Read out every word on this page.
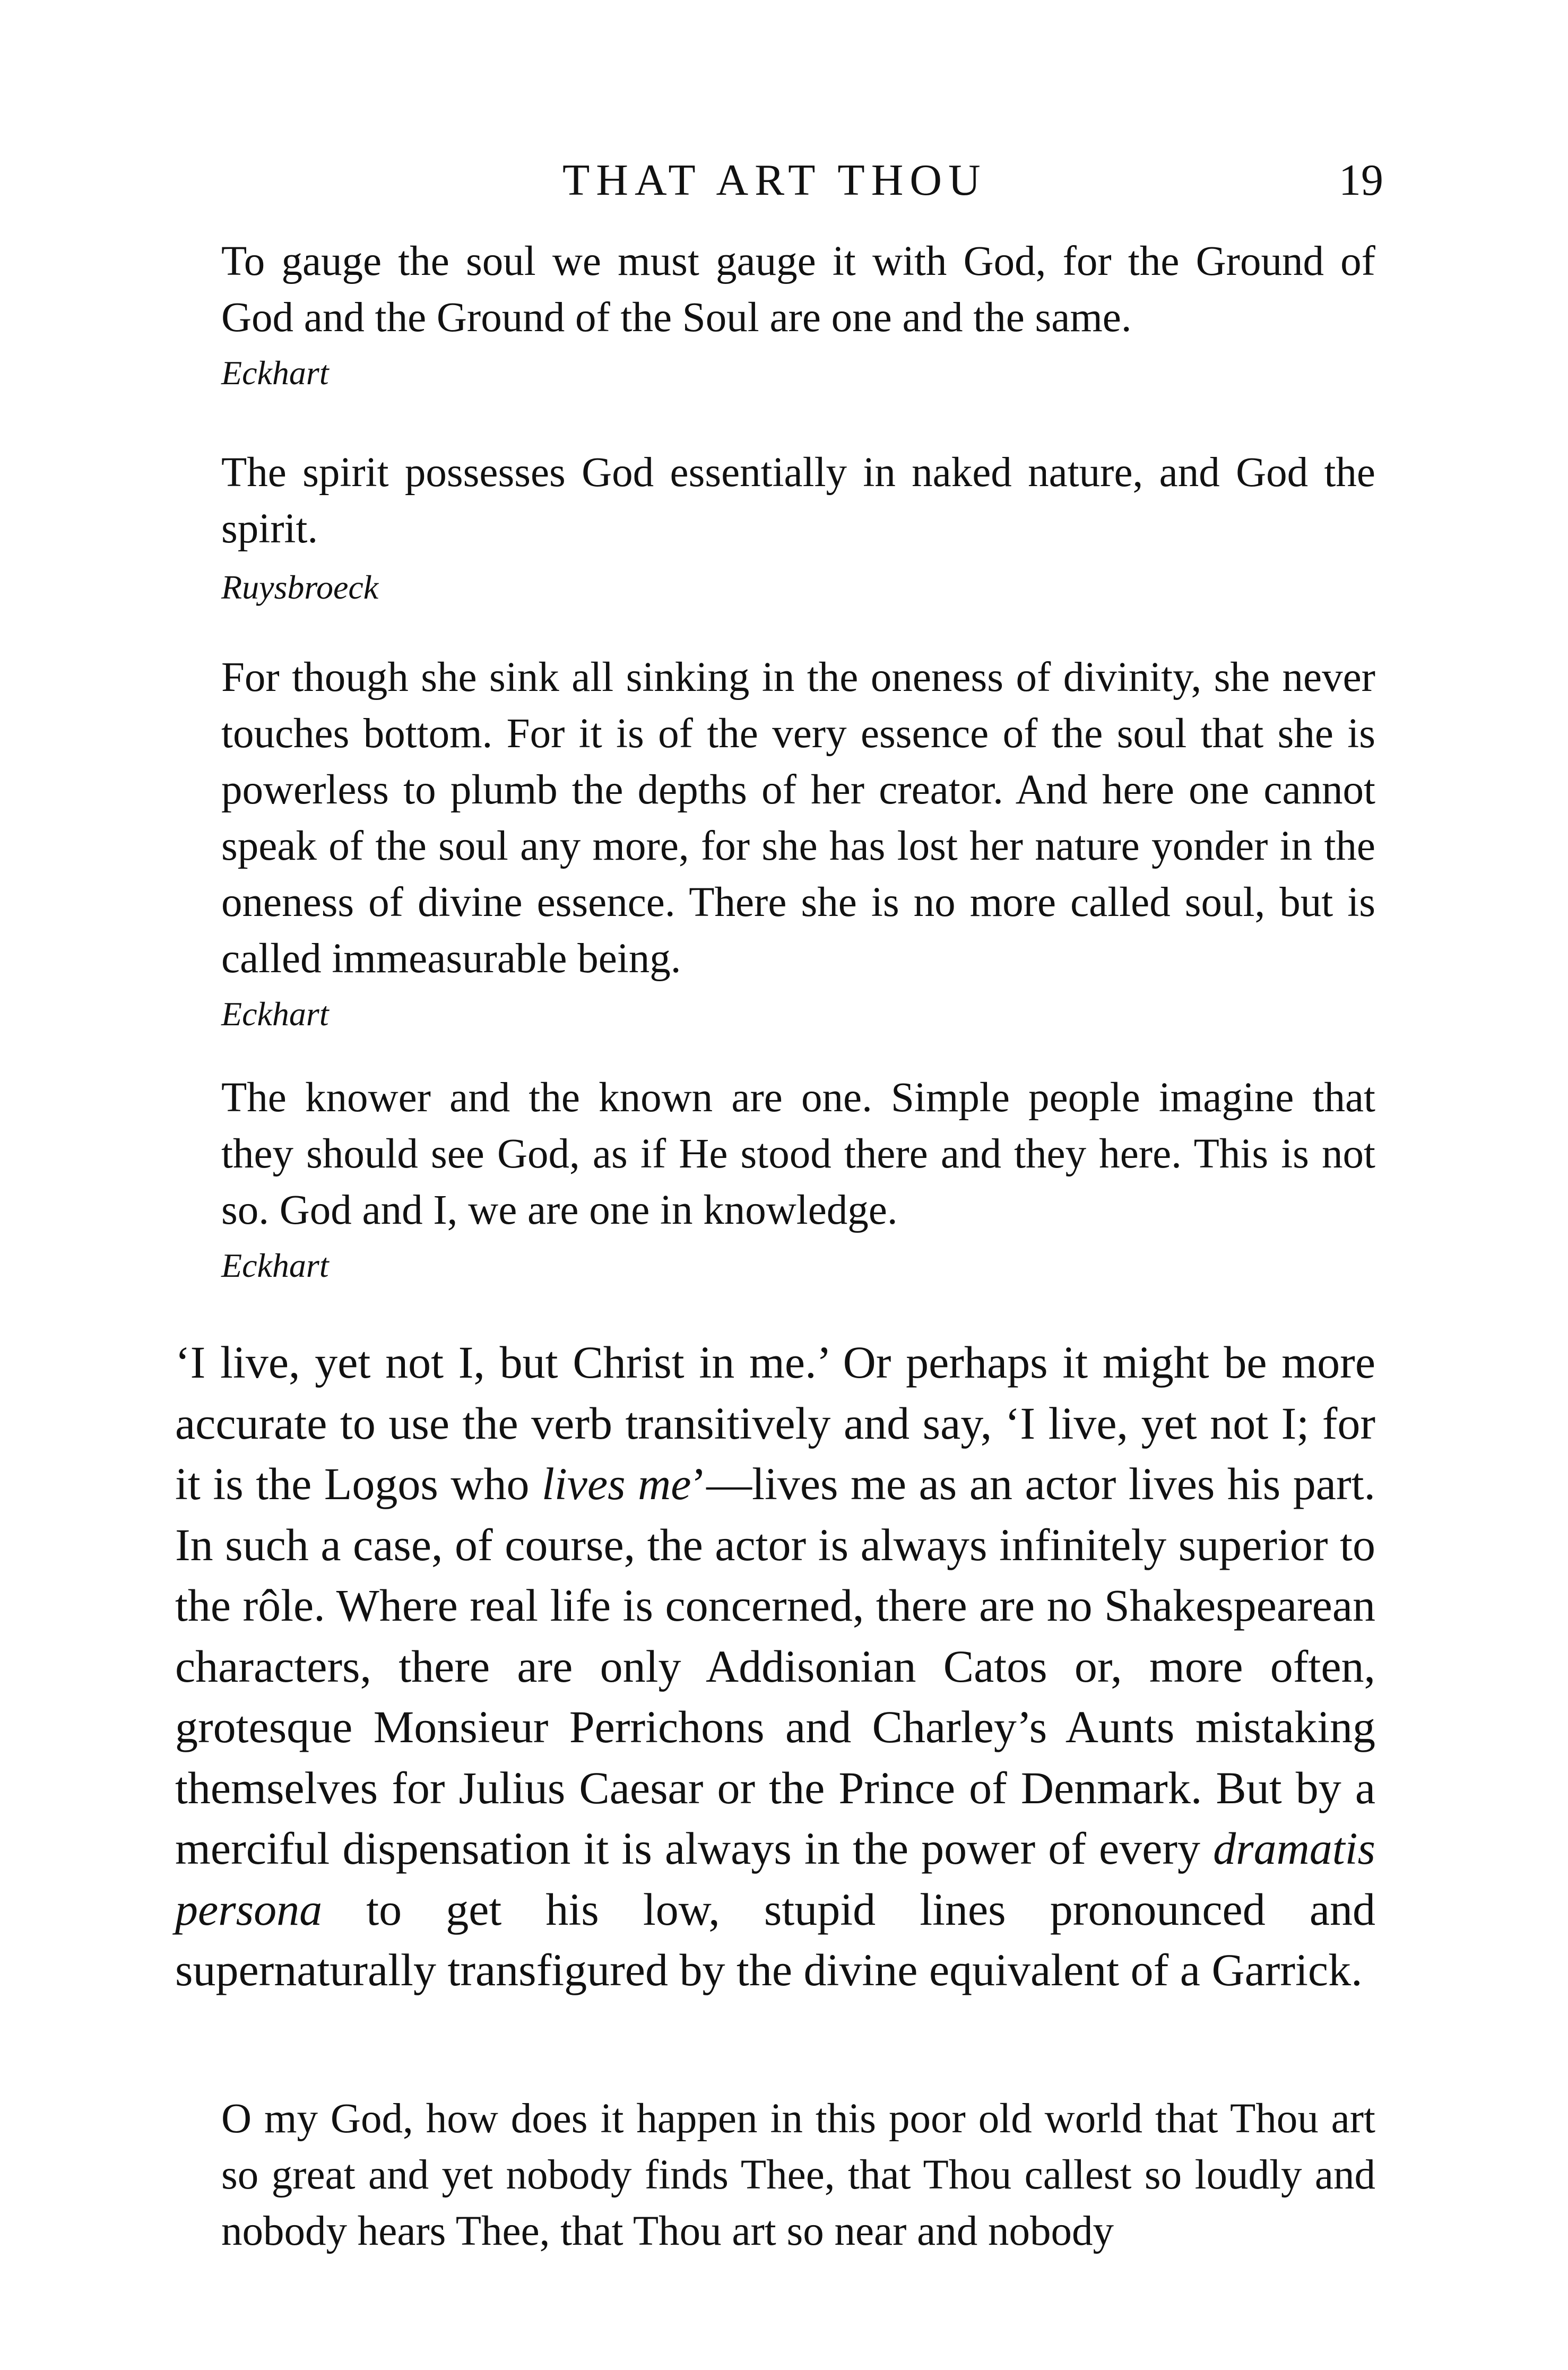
THAT ART THOU	19

To gauge the soul we must gauge it with God, for the Ground of God and the Ground of the Soul are one and the same.

Eckhart

The spirit possesses God essentially in naked nature, and God the spirit.

Ruysbroeck

For though she sink all sinking in the oneness of divinity, she never touches bottom. For it is of the very essence of the soul that she is powerless to plumb the depths of her creator. And here one cannot speak of the soul any more, for she has lost her nature yonder in the oneness of divine essence. There she is no more called soul, but is called immeasurable being.

Eckhart

The knower and the known are one. Simple people imagine that they should see God, as if He stood there and they here. This is not so. God and I, we are one in knowledge.

Eckhart

‘I live, yet not I, but Christ in me.’ Or perhaps it might be more accurate to use the verb transitively and say, ‘I live, yet not I; for it is the Logos who lives me’—lives me as an actor lives his part. In such a case, of course, the actor is always infinitely superior to the rôle. Where real life is concerned, there are no Shakespearean characters, there are only Addisonian Catos or, more often, grotesque Monsieur Perrichons and Charley’s Aunts mistaking themselves for Julius Caesar or the Prince of Denmark. But by a merciful dispensation it is always in the power of every dramatis persona to get his low, stupid lines pronounced and supernaturally transfigured by the divine equivalent of a Garrick.

O my God, how does it happen in this poor old world that Thou art so great and yet nobody finds Thee, that Thou callest so loudly and nobody hears Thee, that Thou art so near and nobody
